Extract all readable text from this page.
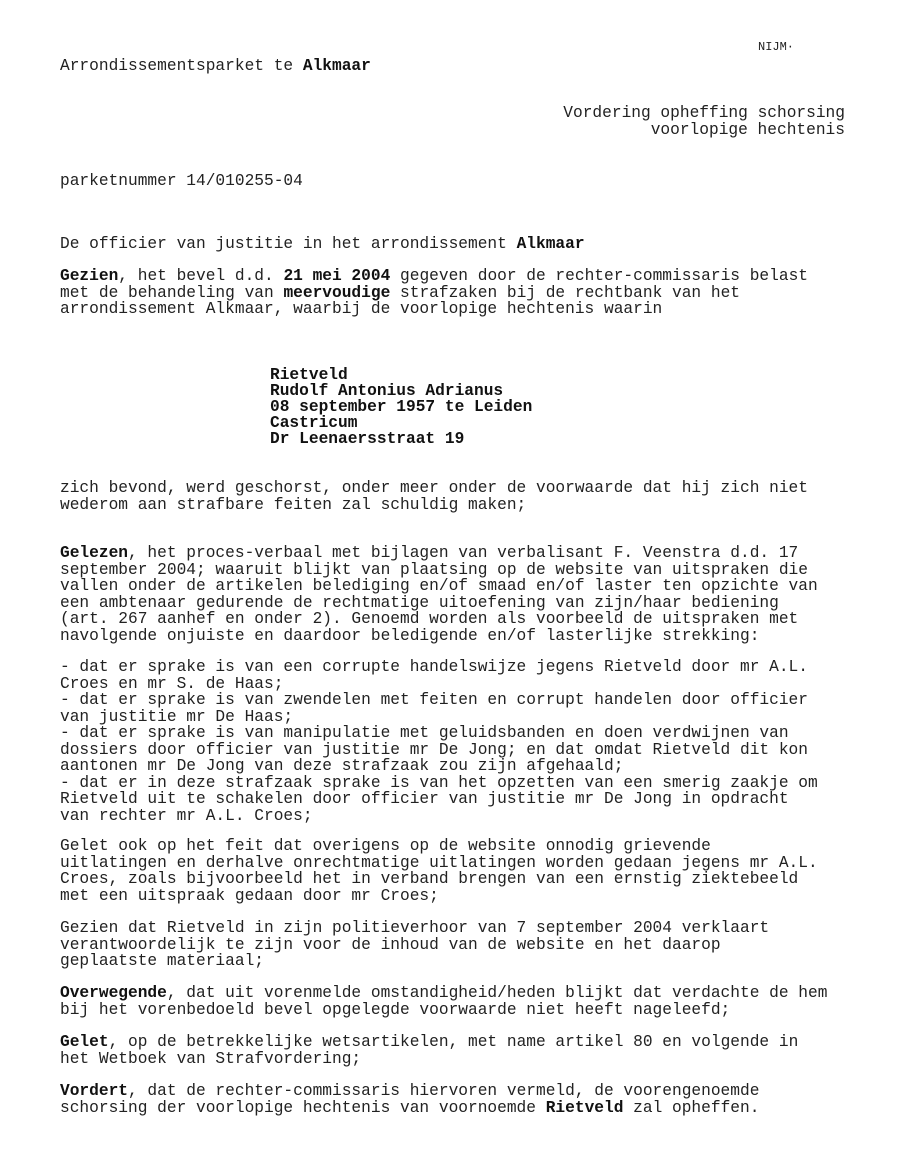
NIJM·
Arrondissementsparket te Alkmaar
Vordering opheffing schorsing
voorlopige hechtenis
parketnummer 14/010255-04
De officier van justitie in het arrondissement Alkmaar
Gezien, het bevel d.d. 21 mei 2004 gegeven door de rechter-commissaris belast
met de behandeling van meervoudige strafzaken bij de rechtbank van het
arrondissement Alkmaar, waarbij de voorlopige hechtenis waarin
Rietveld
Rudolf Antonius Adrianus
08 september 1957 te Leiden
Castricum
Dr Leenaersstraat 19
zich bevond, werd geschorst, onder meer onder de voorwaarde dat hij zich niet
wederom aan strafbare feiten zal schuldig maken;
Gelezen, het proces-verbaal met bijlagen van verbalisant F. Veenstra d.d. 17
september 2004; waaruit blijkt van plaatsing op de website van uitspraken die
vallen onder de artikelen belediging en/of smaad en/of laster ten opzichte van
een ambtenaar gedurende de rechtmatige uitoefening van zijn/haar bediening
(art. 267 aanhef en onder 2). Genoemd worden als voorbeeld de uitspraken met
navolgende onjuiste en daardoor beledigende en/of lasterlijke strekking:
- dat er sprake is van een corrupte handelswijze jegens Rietveld door mr A.L.
Croes en mr S. de Haas;
- dat er sprake is van zwendelen met feiten en corrupt handelen door officier
van justitie mr De Haas;
- dat er sprake is van manipulatie met geluidsbanden en doen verdwijnen van
dossiers door officier van justitie mr De Jong; en dat omdat Rietveld dit kon
aantonen mr De Jong van deze strafzaak zou zijn afgehaald;
- dat er in deze strafzaak sprake is van het opzetten van een smerig zaakje om
Rietveld uit te schakelen door officier van justitie mr De Jong in opdracht
van rechter mr A.L. Croes;
Gelet ook op het feit dat overigens op de website onnodig grievende
uitlatingen en derhalve onrechtmatige uitlatingen worden gedaan jegens mr A.L.
Croes, zoals bijvoorbeeld het in verband brengen van een ernstig ziektebeeld
met een uitspraak gedaan door mr Croes;
Gezien dat Rietveld in zijn politieverhoor van 7 september 2004 verklaart
verantwoordelijk te zijn voor de inhoud van de website en het daarop
geplaatste materiaal;
Overwegende, dat uit vorenmelde omstandigheid/heden blijkt dat verdachte de hem
bij het vorenbedoeld bevel opgelegde voorwaarde niet heeft nageleefd;
Gelet, op de betrekkelijke wetsartikelen, met name artikel 80 en volgende in
het Wetboek van Strafvordering;
Vordert, dat de rechter-commissaris hiervoren vermeld, de voorengenoemde
schorsing der voorlopige hechtenis van voornoemde Rietveld zal opheffen.
